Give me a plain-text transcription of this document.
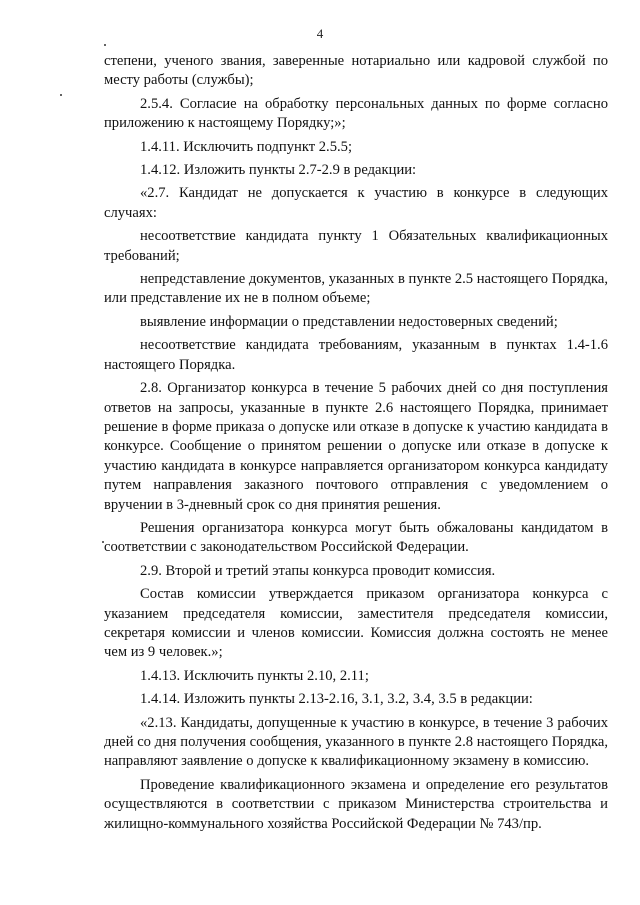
4

степени, ученого звания, заверенные нотариально или кадровой службой по месту работы (службы);

2.5.4. Согласие на обработку персональных данных по форме согласно приложению к настоящему Порядку;»;

1.4.11. Исключить подпункт 2.5.5;

1.4.12. Изложить пункты 2.7-2.9 в редакции:

«2.7. Кандидат не допускается к участию в конкурсе в следующих случаях:

несоответствие кандидата пункту 1 Обязательных квалификационных требований;

непредставление документов, указанных в пункте 2.5 настоящего Порядка, или представление их не в полном объеме;

выявление информации о представлении недостоверных сведений;

несоответствие кандидата требованиям, указанным в пунктах 1.4-1.6 настоящего Порядка.

2.8. Организатор конкурса в течение 5 рабочих дней со дня поступления ответов на запросы, указанные в пункте 2.6 настоящего Порядка, принимает решение в форме приказа о допуске или отказе в допуске к участию кандидата в конкурсе. Сообщение о принятом решении о допуске или отказе в допуске к участию кандидата в конкурсе направляется организатором конкурса кандидату путем направления заказного почтового отправления с уведомлением о вручении в 3-дневный срок со дня принятия решения.

Решения организатора конкурса могут быть обжалованы кандидатом в соответствии с законодательством Российской Федерации.

2.9. Второй и третий этапы конкурса проводит комиссия.

Состав комиссии утверждается приказом организатора конкурса с указанием председателя комиссии, заместителя председателя комиссии, секретаря комиссии и членов комиссии. Комиссия должна состоять не менее чем из 9 человек.»;

1.4.13. Исключить пункты 2.10, 2.11;

1.4.14. Изложить пункты 2.13-2.16, 3.1, 3.2, 3.4, 3.5 в редакции:

«2.13. Кандидаты, допущенные к участию в конкурсе, в течение 3 рабочих дней со дня получения сообщения, указанного в пункте 2.8 настоящего Порядка, направляют заявление о допуске к квалификационному экзамену в комиссию.

Проведение квалификационного экзамена и определение его результатов осуществляются в соответствии с приказом Министерства строительства и жилищно-коммунального хозяйства Российской Федерации № 743/пр.
